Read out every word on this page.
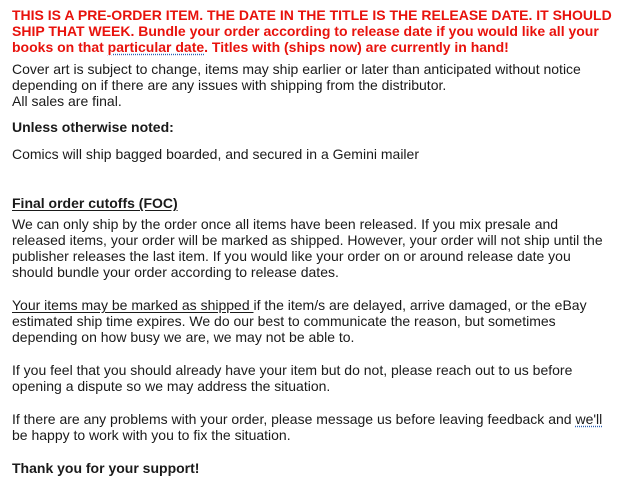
THIS IS A PRE-ORDER ITEM. THE DATE IN THE TITLE IS THE RELEASE DATE. IT SHOULD SHIP THAT WEEK. Bundle your order according to release date if you would like all your books on that particular date. Titles with (ships now) are currently in hand!

Cover art is subject to change, items may ship earlier or later than anticipated without notice depending on if there are any issues with shipping from the distributor.
All sales are final.

Unless otherwise noted:

Comics will ship bagged boarded, and secured in a Gemini mailer

Final order cutoffs (FOC)

We can only ship by the order once all items have been released. If you mix presale and released items, your order will be marked as shipped. However, your order will not ship until the publisher releases the last item. If you would like your order on or around release date you should bundle your order according to release dates.

Your items may be marked as shipped if the item/s are delayed, arrive damaged, or the eBay estimated ship time expires. We do our best to communicate the reason, but sometimes depending on how busy we are, we may not be able to.

If you feel that you should already have your item but do not, please reach out to us before opening a dispute so we may address the situation.

If there are any problems with your order, please message us before leaving feedback and we'll be happy to work with you to fix the situation.

Thank you for your support!
